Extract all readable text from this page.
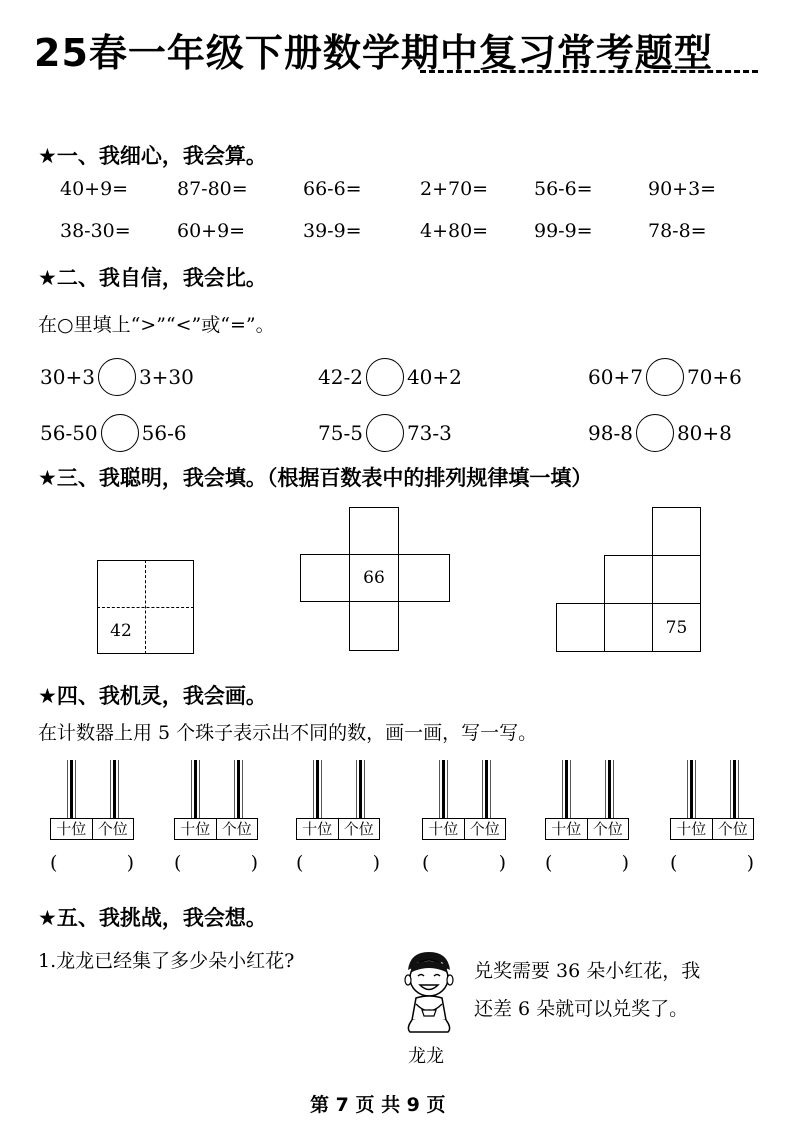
25春一年级下册数学期中复习常考题型
★一、我细心，我会算。
40+9=	87-80=	66-6=	2+70= 56-6=	90+3=
38-30= 60+9=	39-9=	4+80= 99-9=	78-8=
★二、我自信，我会比。
在○里填上“>”“<”或“=”。
30+3 3+30	42-2 40+2	60+7 70+6
56-50 56-6	75-5 73-3	98-8 80+8
★三、我聪明，我会填。（根据百数表中的排列规律填一填）
42
66
75
★四、我机灵，我会画。
在计数器上用 5 个珠子表示出不同的数，画一画，写一写。
十位 个位
(	)
十位 个位
(	)
十位 个位
(	)
十位 个位
(	)
十位 个位
(	)
十位 个位
(	)
★五、我挑战，我会想。
1.龙龙已经集了多少朵小红花?
龙龙
兑奖需要 36 朵小红花，我
还差 6 朵就可以兑奖了。
第 7 页 共 9 页
